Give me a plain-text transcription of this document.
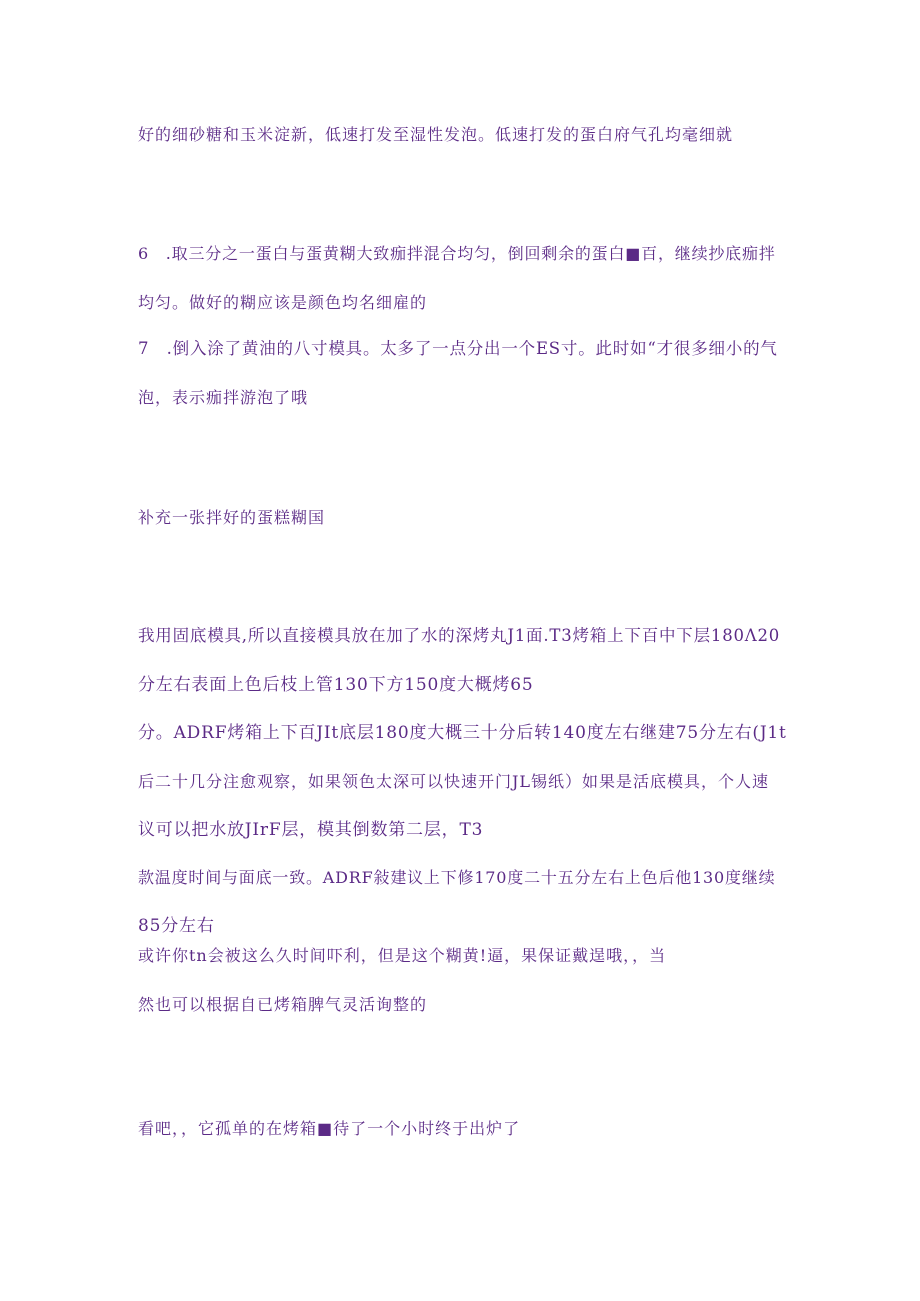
好的细砂糖和玉米淀新，低速打发至湿性发泡。低速打发的蛋白府气孔均毫细就
6　.取三分之一蛋白与蛋黄糊大致痂拌混合均匀，倒回剩余的蛋白■百，继续抄底痂拌
均匀。做好的糊应该是颜色均名细雇的
7　.倒入涂了黄油的八寸模具。太多了一点分出一个ES寸。此时如“才很多细小的气
泡，表示痂拌游泡了哦
补充一张拌好的蛋糕糊国
我用固底模具,所以直接模具放在加了水的深烤丸J1面.T3烤箱上下百中下层180Λ20
分左右表面上色后枝上管130下方150度大概烤65
分。ADRF烤箱上下百JIt底层180度大概三十分后转140度左右继建75分左右(J1t
后二十几分注愈观察，如果领色太深可以快速开门JL锡纸）如果是活底模具，个人速
议可以把水放JIrF层，模其倒数第二层，T3
款温度时间与面底一致。ADRF敍建议上下修170度二十五分左右上色后他130度继续
85分左右
或许你tn会被这么久时间吓利，但是这个糊黄!逼，果保证戴逞哦，，当
然也可以根据自已烤箱脾气灵活询整的
看吧，，它孤单的在烤箱■待了一个小时终于出炉了
